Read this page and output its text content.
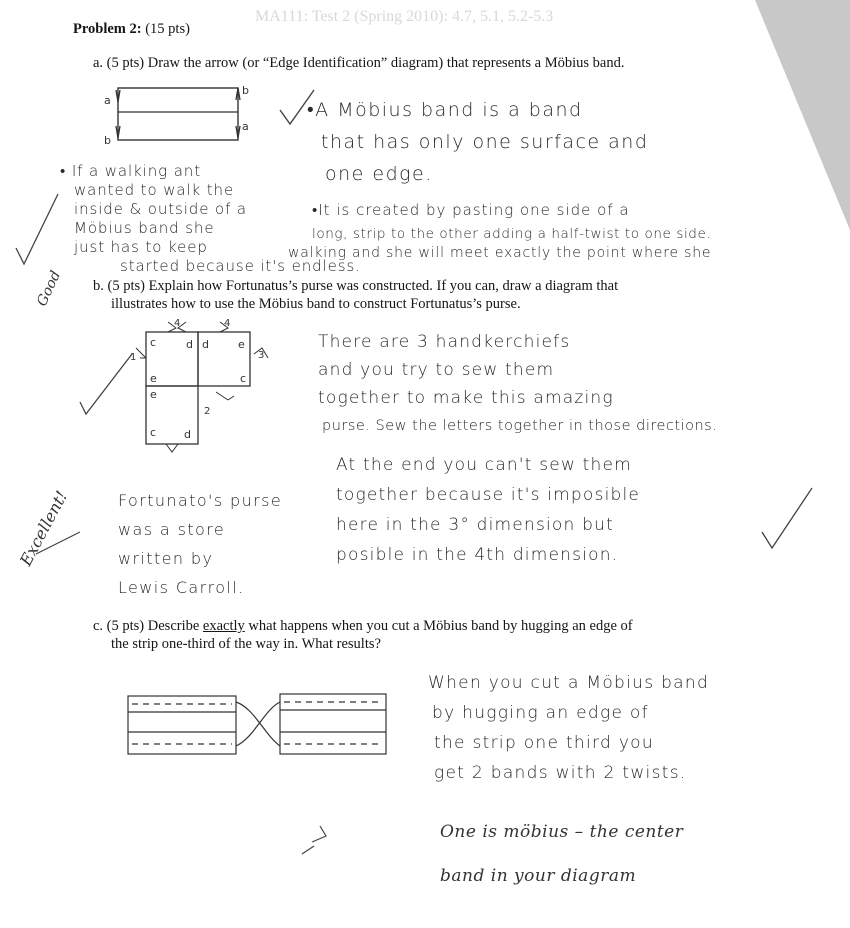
MA111: Test 2 (Spring 2010): 4.7, 5.1, 5.2-5.3
Problem 2: (15 pts)
a. (5 pts) Draw the arrow (or “Edge Identification” diagram) that represents a Möbius band.
a
b
b
a
•A Möbius band is a band
that has only one surface and
one edge.
•It is created by pasting one side of a
long, strip to the other adding a half-twist to one side.
walking and she will meet exactly the point where she
• If a walking ant
wanted to walk the
inside & outside of a
Möbius band she
just has to keep
started because it's endless.
Good b. (5 pts) Explain how Fortunatus’s purse was constructed. If you can, draw a diagram that
illustrates how to use the Möbius band to construct Fortunatus’s purse.
c	d d	e
e	c
c
e
d
1
2
3
4	4
There are 3 handkerchiefs
and you try to sew them
together to make this amazing
purse. Sew the letters together in those directions.
At the end you can't sew them
together because it's imposible
here in the 3° dimension but
posible in the 4th dimension.
Fortunato's purse
was a store
written by
Lewis Carroll.
Excellent!
c. (5 pts) Describe exactly what happens when you cut a Möbius band by hugging an edge of
the strip one-third of the way in. What results?
When you cut a Möbius band
by hugging an edge of
the strip one third you
get 2 bands with 2 twists.
One is möbius – the center
band in your diagram
